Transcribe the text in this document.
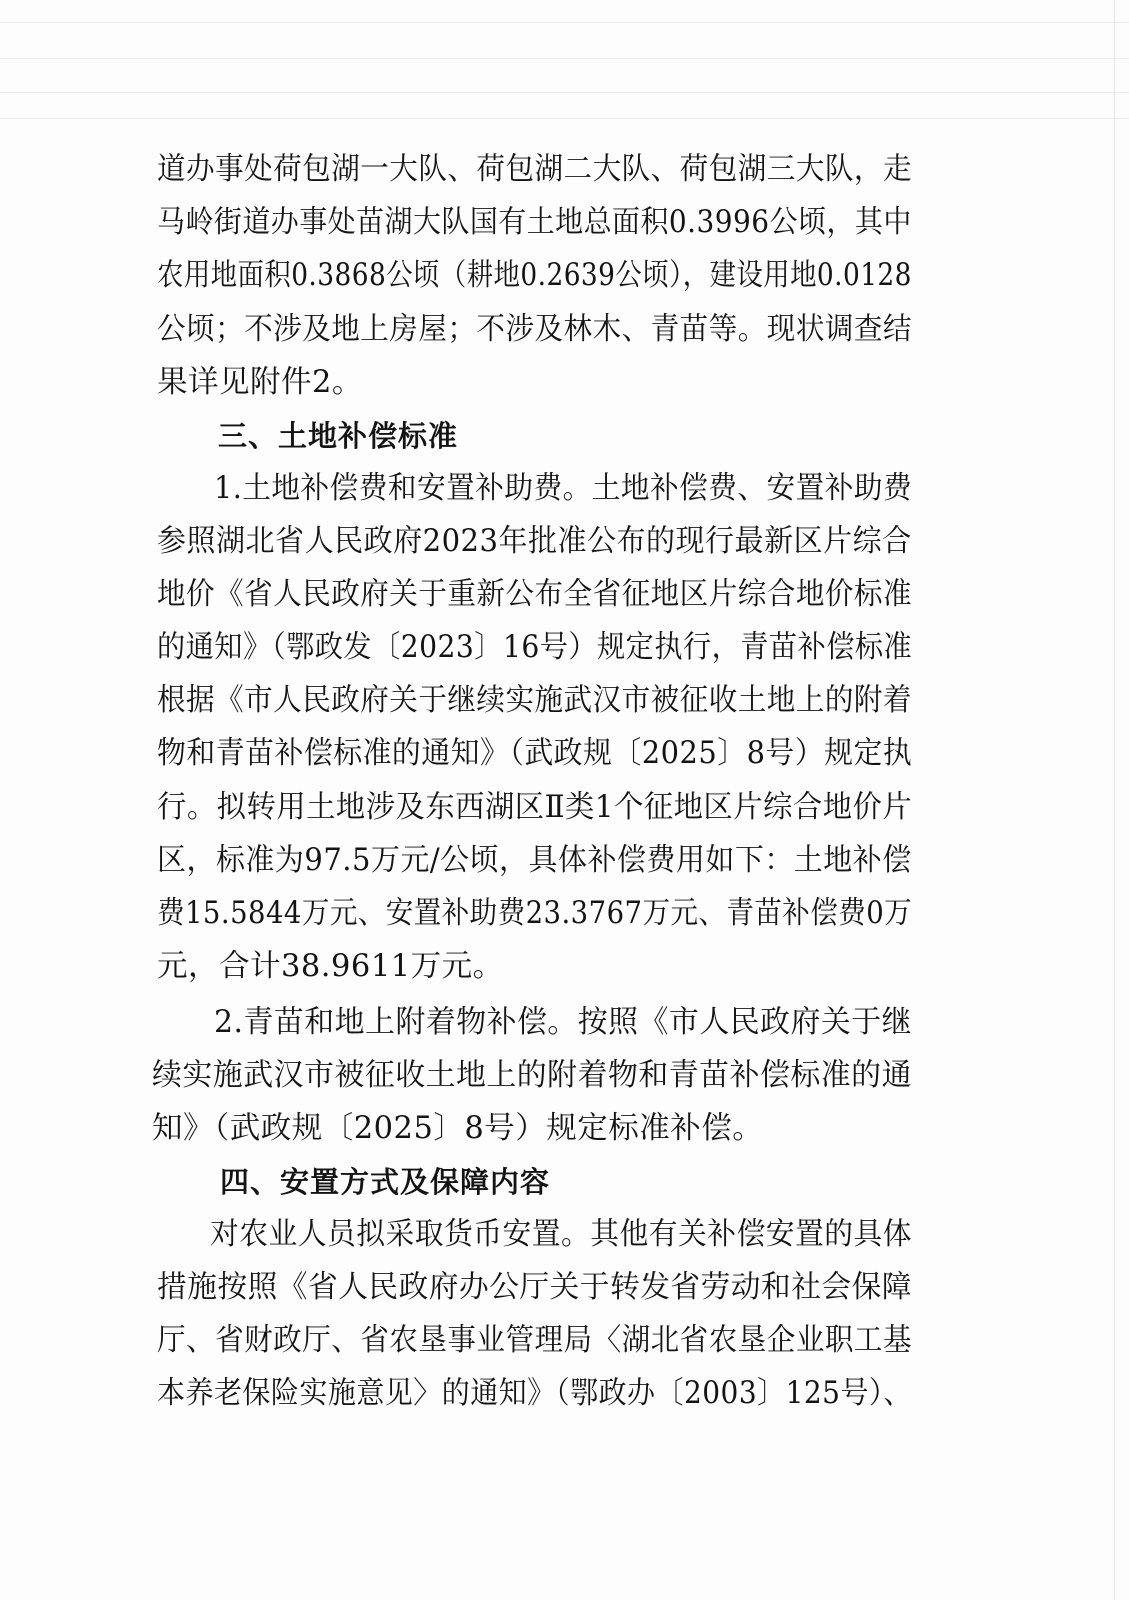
道办事处荷包湖一大队、荷包湖二大队、荷包湖三大队，走
马岭街道办事处苗湖大队国有土地总面积0.3996公顷，其中
农用地面积0.3868公顷（耕地0.2639公顷），建设用地0.0128
公顷；不涉及地上房屋；不涉及林木、青苗等。现状调查结
果详见附件2。
三、土地补偿标准
1.土地补偿费和安置补助费。土地补偿费、安置补助费
参照湖北省人民政府2023年批准公布的现行最新区片综合
地价《省人民政府关于重新公布全省征地区片综合地价标准
的通知》（鄂政发〔2023〕16号）规定执行，青苗补偿标准
根据《市人民政府关于继续实施武汉市被征收土地上的附着
物和青苗补偿标准的通知》（武政规〔2025〕8号）规定执
行。拟转用土地涉及东西湖区Ⅱ类1个征地区片综合地价片
区，标准为97.5万元/公顷，具体补偿费用如下：土地补偿
费15.5844万元、安置补助费23.3767万元、青苗补偿费0万
元，合计38.9611万元。
2.青苗和地上附着物补偿。按照《市人民政府关于继
续实施武汉市被征收土地上的附着物和青苗补偿标准的通
知》（武政规〔2025〕8号）规定标准补偿。
四、安置方式及保障内容
对农业人员拟采取货币安置。其他有关补偿安置的具体
措施按照《省人民政府办公厅关于转发省劳动和社会保障
厅、省财政厅、省农垦事业管理局〈湖北省农垦企业职工基
本养老保险实施意见〉的通知》（鄂政办〔2003〕125号）、
